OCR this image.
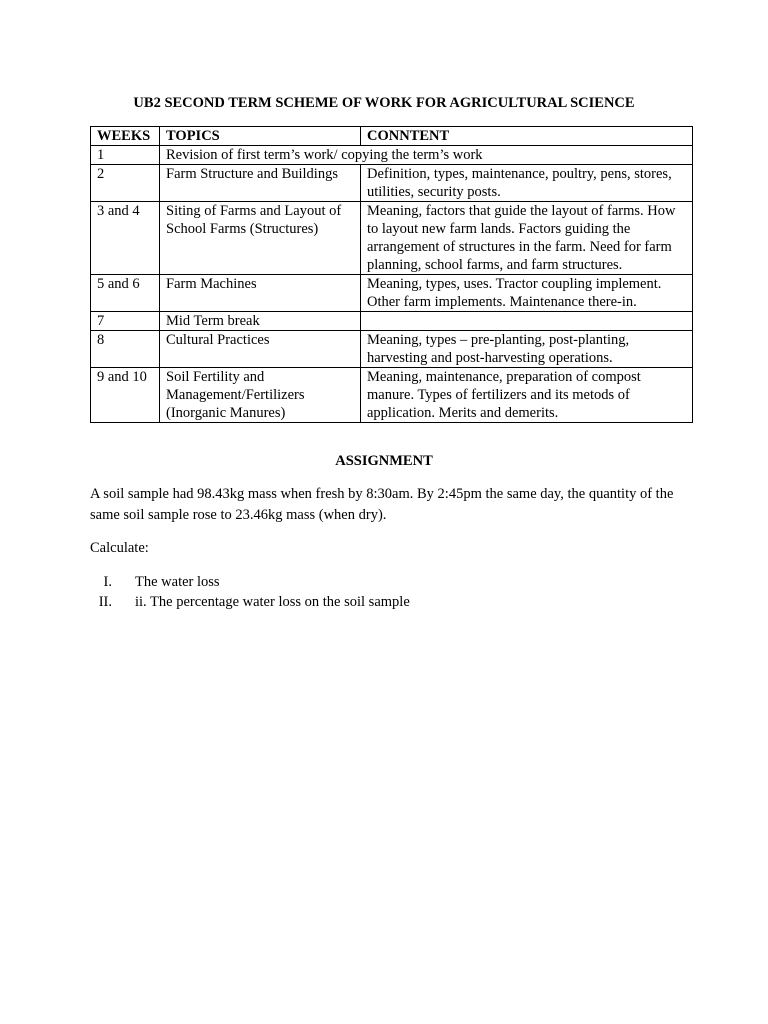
UB2 SECOND TERM SCHEME OF WORK FOR AGRICULTURAL SCIENCE
WEEKS	TOPICS	CONNTENT
1	Revision of first term’s work/ copying the term’s work	
2	Farm Structure and Buildings	Definition, types, maintenance, poultry, pens, stores, utilities, security posts.
3 and 4	Siting of Farms and Layout of School Farms (Structures)	Meaning, factors that guide the layout of farms. How to layout new farm lands. Factors guiding the arrangement of structures in the farm. Need for farm planning, school farms, and farm structures.
5 and 6	Farm Machines	Meaning, types, uses. Tractor coupling implement. Other farm implements. Maintenance there-in.
7	Mid Term break	
8	Cultural Practices	Meaning, types – pre-planting, post-planting, harvesting and post-harvesting operations.
9 and 10	Soil Fertility and Management/Fertilizers (Inorganic Manures)	Meaning, maintenance, preparation of compost manure. Types of fertilizers and its metods of application. Merits and demerits.
ASSIGNMENT
A soil sample had 98.43kg mass when fresh by 8:30am. By 2:45pm the same day, the quantity of the same soil sample rose to 23.46kg mass (when dry).
Calculate:
I. The water loss
II. ii. The percentage water loss on the soil sample
